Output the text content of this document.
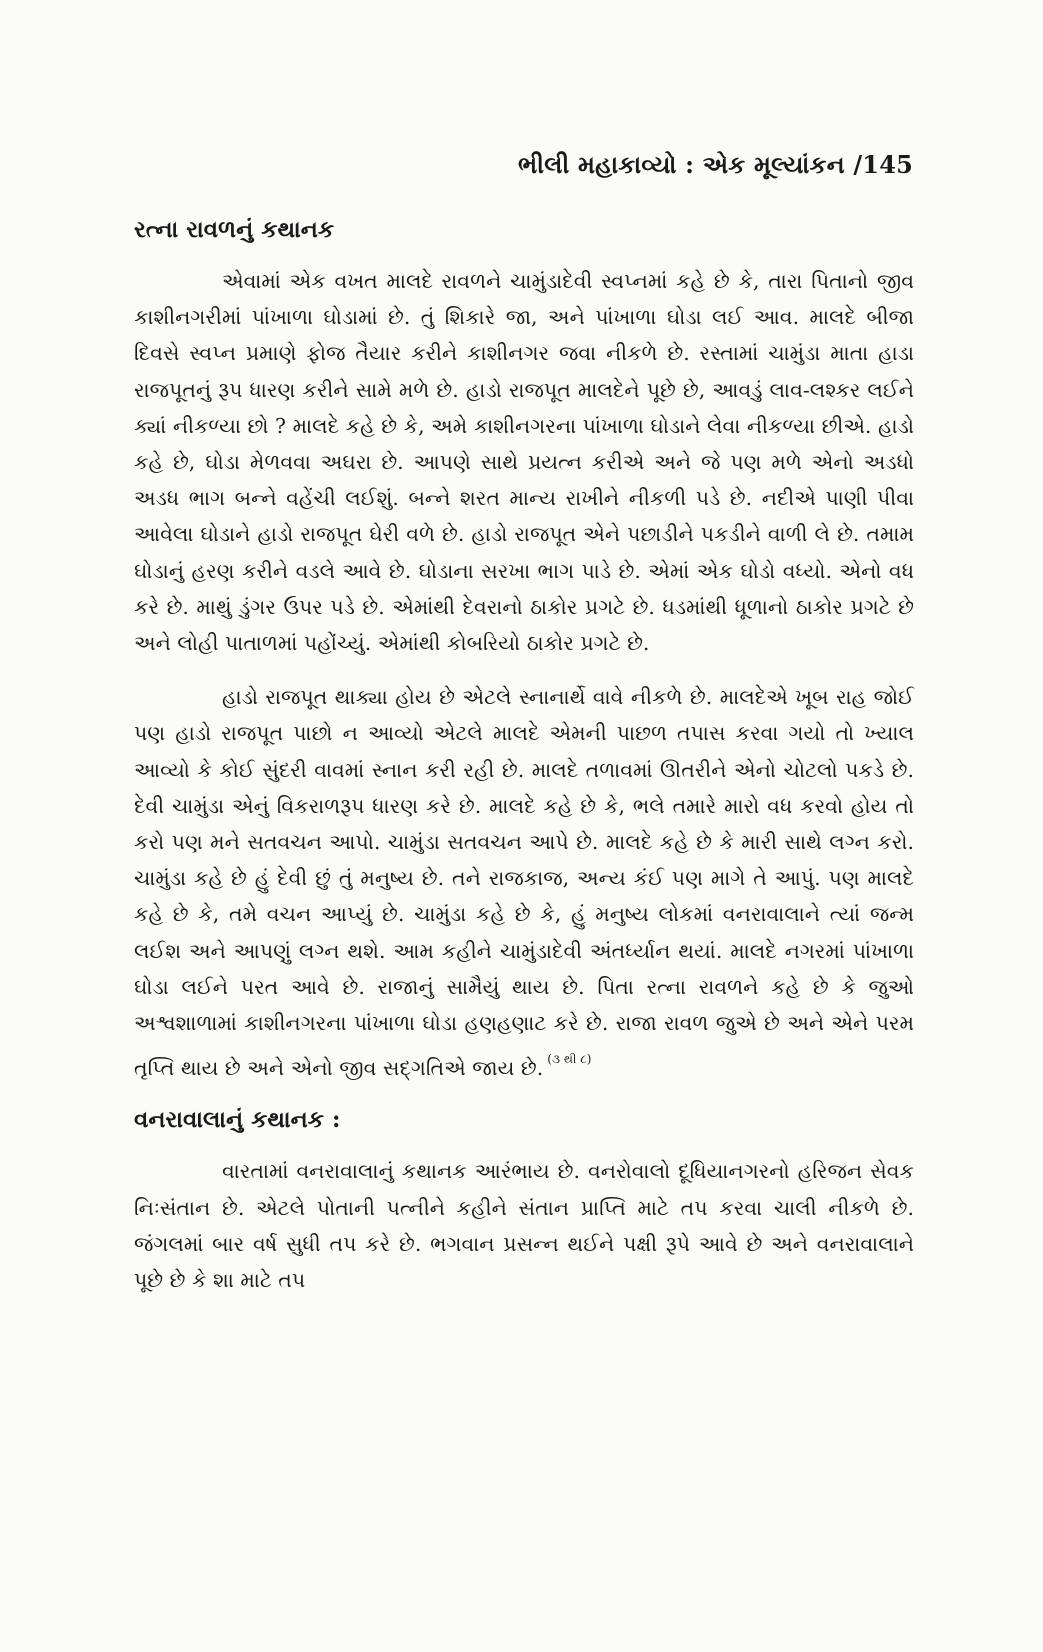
ભીલી મહાકાવ્યો : એક મૂલ્યાંકન /145
રત્ના રાવળનું કથાનક

એવામાં એક વખત માલદે રાવળને ચામુંડાદેવી સ્વપ્નમાં કહે છે કે, તારા પિતાનો જીવ કાશીનગરીમાં પાંખાળા ઘોડામાં છે. તું શિકારે જા, અને પાંખાળા ઘોડા લઈ આવ. માલદે બીજા દિવસે સ્વપ્ન પ્રમાણે ફોજ તૈયાર કરીને કાશીનગર જવા નીકળે છે. રસ્તામાં ચામુંડા માતા હાડા રાજપૂતનું રૂપ ધારણ કરીને સામે મળે છે. હાડો રાજપૂત માલદેને પૂછે છે, આવડું લાવ-લશ્કર લઈને ક્યાં નીકળ્યા છો ? માલદે કહે છે કે, અમે કાશીનગરના પાંખાળા ઘોડાને લેવા નીકળ્યા છીએ. હાડો કહે છે, ઘોડા મેળવવા અઘરા છે. આપણે સાથે પ્રયત્ન કરીએ અને જે પણ મળે એનો અડધો અડધ ભાગ બન્ને વહેંચી લઈશું. બન્ને શરત માન્ય રાખીને નીકળી પડે છે. નદીએ પાણી પીવા આવેલા ઘોડાને હાડો રાજપૂત ઘેરી વળે છે. હાડો રાજપૂત એને પછાડીને પકડીને વાળી લે છે. તમામ ઘોડાનું હરણ કરીને વડલે આવે છે. ઘોડાના સરખા ભાગ પાડે છે. એમાં એક ઘોડો વધ્યો. એનો વધ કરે છે. માથું ડુંગર ઉપર પડે છે. એમાંથી દેવરાનો ઠાકોર પ્રગટે છે. ધડમાંથી ધૂળાનો ઠાકોર પ્રગટે છે અને લોહી પાતાળમાં પહોંચ્યું. એમાંથી કોબરિયો ઠાકોર પ્રગટે છે.

હાડો રાજપૂત થાક્યા હોય છે એટલે સ્નાનાર્થે વાવે નીકળે છે. માલદેએ ખૂબ રાહ જોઈ પણ હાડો રાજપૂત પાછો ન આવ્યો એટલે માલદે એમની પાછળ તપાસ કરવા ગયો તો ખ્યાલ આવ્યો કે કોઈ સુંદરી વાવમાં સ્નાન કરી રહી છે. માલદે તળાવમાં ઊતરીને એનો ચોટલો પકડે છે. દેવી ચામુંડા એનું વિકરાળરૂપ ધારણ કરે છે. માલદે કહે છે કે, ભલે તમારે મારો વધ કરવો હોય તો કરો પણ મને સતવચન આપો. ચામુંડા સતવચન આપે છે. માલદે કહે છે કે મારી સાથે લગ્ન કરો. ચામુંડા કહે છે હું દેવી છું તું મનુષ્ય છે. તને રાજકાજ, અન્ય કંઈ પણ માગે તે આપું. પણ માલદે કહે છે કે, તમે વચન આપ્યું છે. ચામુંડા કહે છે કે, હું મનુષ્ય લોકમાં વનરાવાલાને ત્યાં જન્મ લઈશ અને આપણું લગ્ન થશે. આમ કહીને ચામુંડાદેવી અંતર્ધ્યાન થયાં. માલદે નગરમાં પાંખાળા ઘોડા લઈને પરત આવે છે. રાજાનું સામૈયું થાય છે. પિતા રત્ના રાવળને કહે છે કે જુઓ અશ્વશાળામાં કાશીનગરના પાંખાળા ઘોડા હણહણાટ કરે છે. રાજા રાવળ જુએ છે અને એને પરમ તૃપ્તિ થાય છે અને એનો જીવ સદ્ગતિએ જાય છે. $^{(૩ થી ૮)}$

વનરાવાલાનું કથાનક :

વારતામાં વનરાવાલાનું કથાનક આરંભાય છે. વનરોવાલો દૂધિયાનગરનો હરિજન સેવક નિઃસંતાન છે. એટલે પોતાની પત્નીને કહીને સંતાન પ્રાપ્તિ માટે તપ કરવા ચાલી નીકળે છે. જંગલમાં બાર વર્ષ સુધી તપ કરે છે. ભગવાન પ્રસન્ન થઈને પક્ષી રૂપે આવે છે અને વનરાવાલાને પૂછે છે કે શા માટે તપ
